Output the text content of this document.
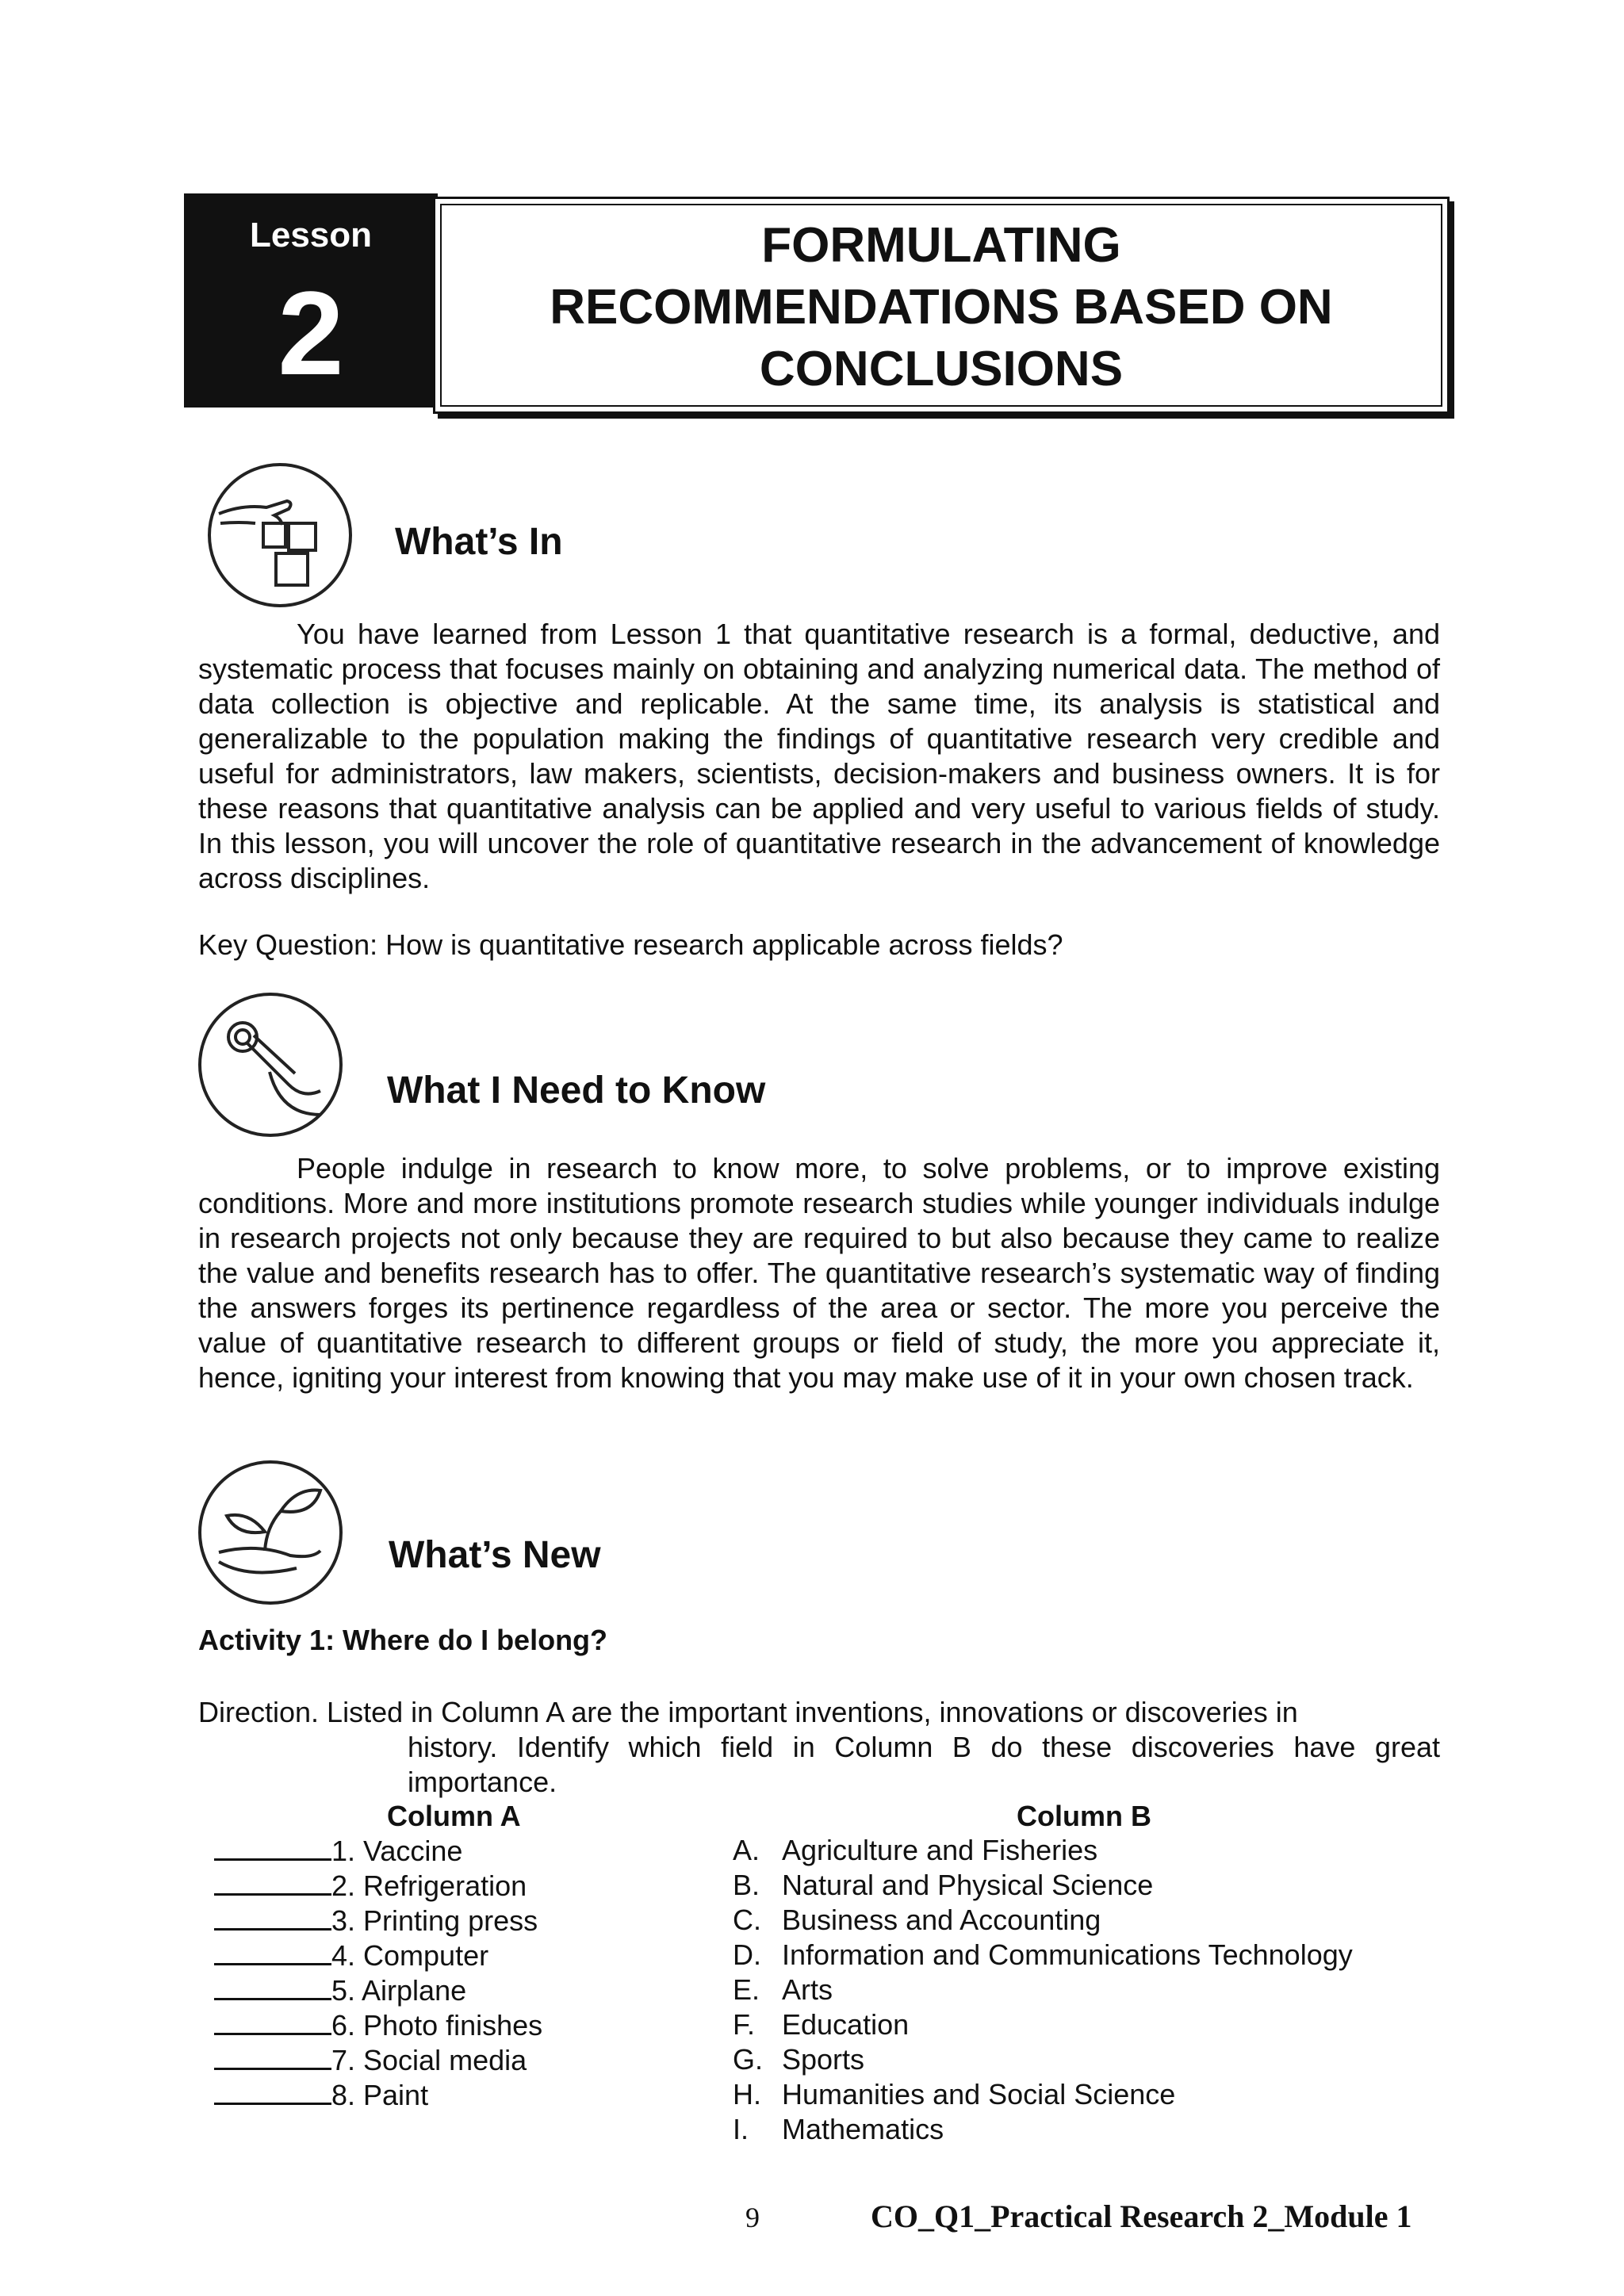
Lesson
2
FORMULATING
RECOMMENDATIONS BASED ON
CONCLUSIONS
What’s In
You have learned from Lesson 1 that quantitative research is a formal, deductive, and systematic process that focuses mainly on obtaining and analyzing numerical data. The method of data collection is objective and replicable. At the same time, its analysis is statistical and generalizable to the population making the findings of quantitative research very credible and useful for administrators, law makers, scientists, decision-makers and business owners. It is for these reasons that quantitative analysis can be applied and very useful to various fields of study. In this lesson, you will uncover the role of quantitative research in the advancement of knowledge across disciplines.
Key Question: How is quantitative research applicable across fields?
What I Need to Know
People indulge in research to know more, to solve problems, or to improve existing conditions. More and more institutions promote research studies while younger individuals indulge in research projects not only because they are required to but also because they came to realize the value and benefits research has to offer. The quantitative research’s systematic way of finding the answers forges its pertinence regardless of the area or sector. The more you perceive the value of quantitative research to different groups or field of study, the more you appreciate it, hence, igniting your interest from knowing that you may make use of it in your own chosen track.
What’s New
Activity 1: Where do I belong?
Direction. Listed in Column A are the important inventions, innovations or discoveries in
history. Identify which field in Column B do these discoveries have great importance.
Column A	Column B
1. Vaccine
2. Refrigeration
3. Printing press
4. Computer
5. Airplane
6. Photo finishes
7. Social media
8. Paint
A. Agriculture and Fisheries
B. Natural and Physical Science
C. Business and Accounting
D. Information and Communications Technology
E. Arts
F. Education
G. Sports
H. Humanities and Social Science
I. Mathematics
9	CO_Q1_Practical Research 2_Module 1
